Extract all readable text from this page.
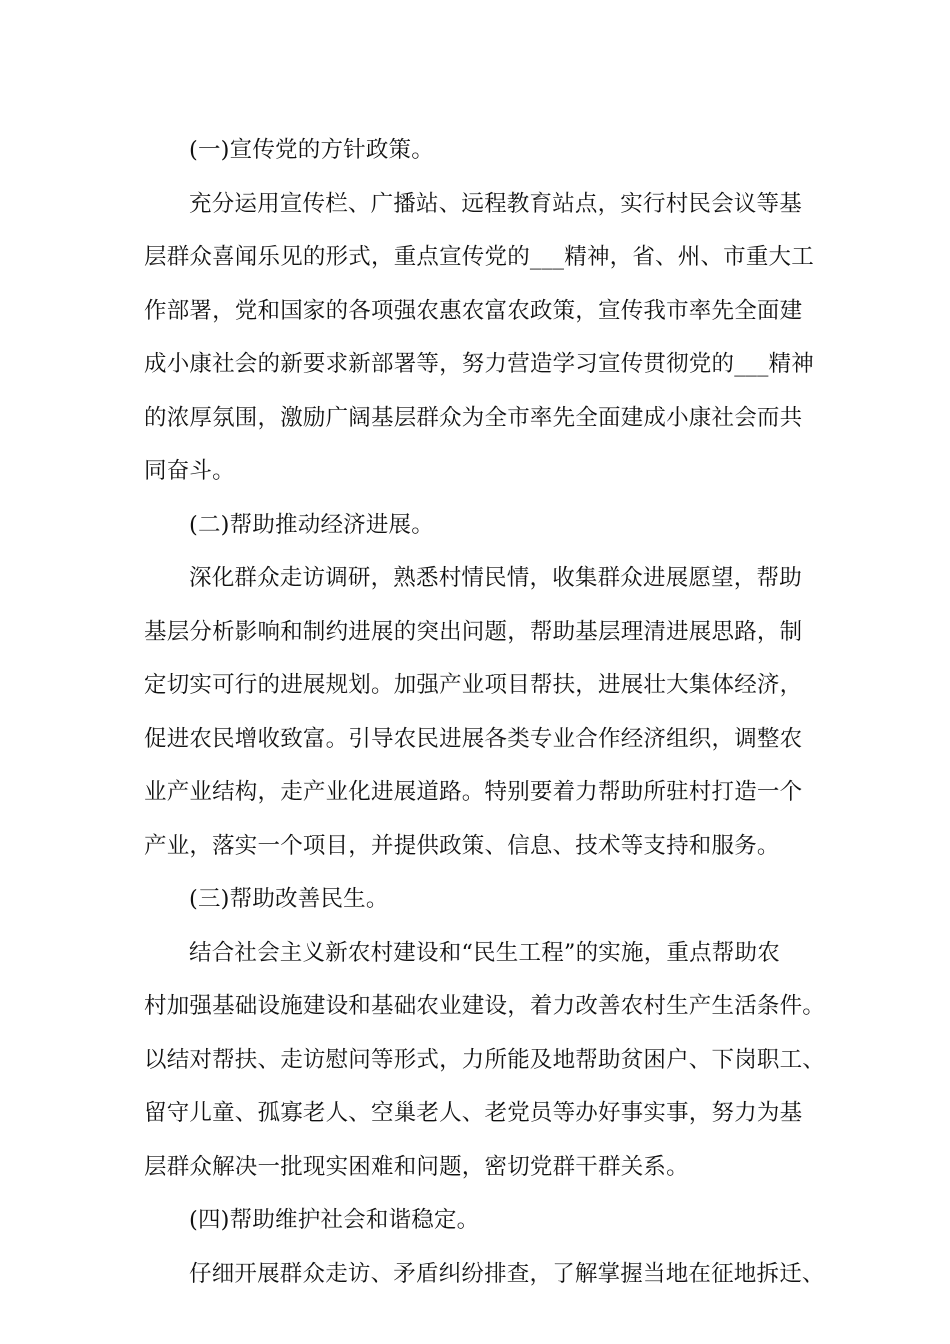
(一)宣传党的方针政策。

充分运用宣传栏、广播站、远程教育站点，实行村民会议等基
层群众喜闻乐见的形式，重点宣传党的___精神，省、州、市重大工
作部署，党和国家的各项强农惠农富农政策，宣传我市率先全面建
成小康社会的新要求新部署等，努力营造学习宣传贯彻党的___精神
的浓厚氛围，激励广阔基层群众为全市率先全面建成小康社会而共
同奋斗。

(二)帮助推动经济进展。

深化群众走访调研，熟悉村情民情，收集群众进展愿望，帮助
基层分析影响和制约进展的突出问题，帮助基层理清进展思路，制
定切实可行的进展规划。加强产业项目帮扶，进展壮大集体经济，
促进农民增收致富。引导农民进展各类专业合作经济组织，调整农
业产业结构，走产业化进展道路。特别要着力帮助所驻村打造一个
产业，落实一个项目，并提供政策、信息、技术等支持和服务。

(三)帮助改善民生。

结合社会主义新农村建设和“民生工程”的实施，重点帮助农
村加强基础设施建设和基础农业建设，着力改善农村生产生活条件。
以结对帮扶、走访慰问等形式，力所能及地帮助贫困户、下岗职工、
留守儿童、孤寡老人、空巢老人、老党员等办好事实事，努力为基
层群众解决一批现实困难和问题，密切党群干群关系。

(四)帮助维护社会和谐稳定。

仔细开展群众走访、矛盾纠纷排查，了解掌握当地在征地拆迁、
